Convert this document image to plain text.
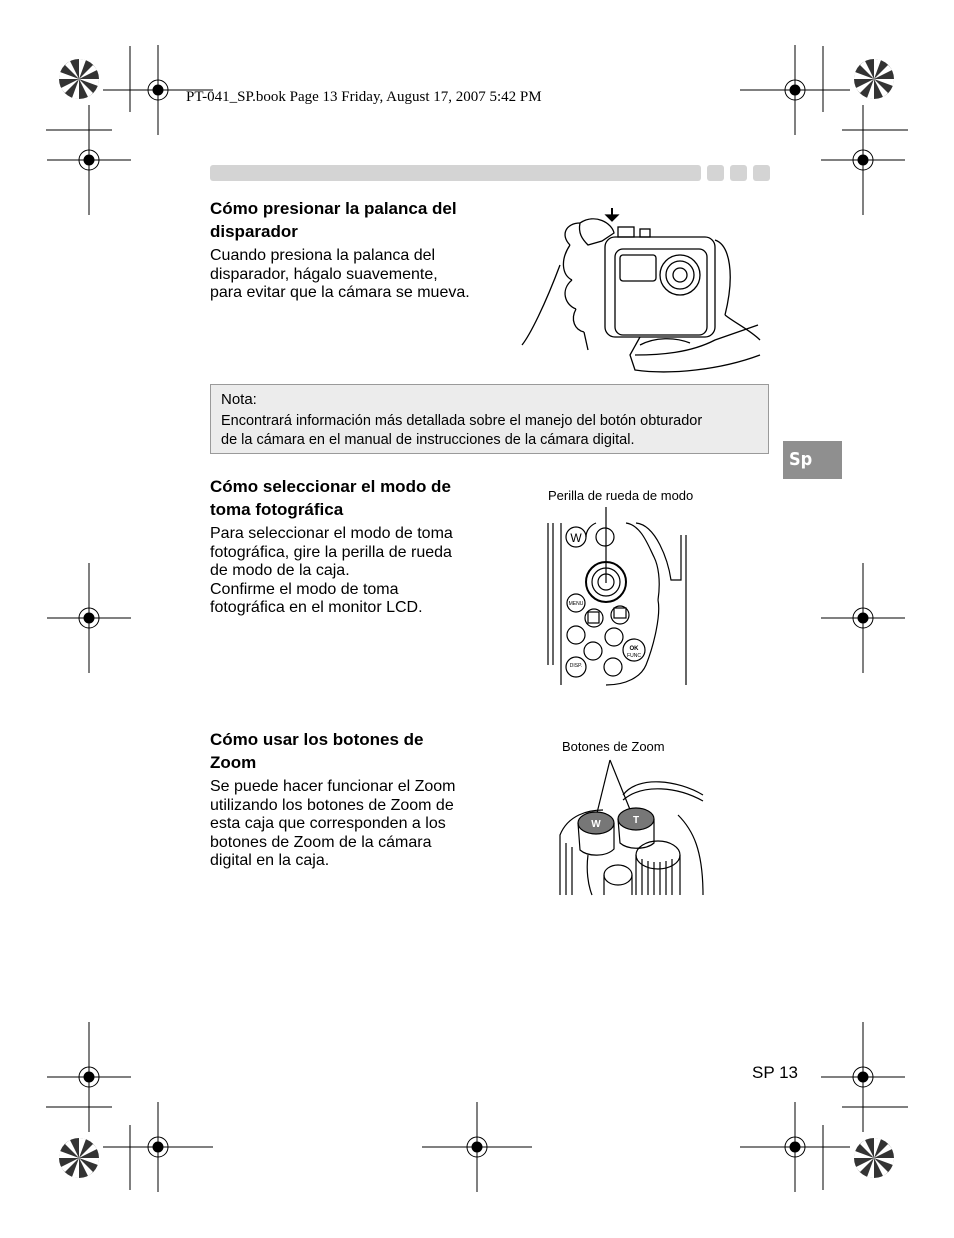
PT-041_SP.book Page 13 Friday, August 17, 2007 5:42 PM
Cómo presionar la palanca del
disparador

Cuando presiona la palanca del
disparador, hágalo suavemente,
para evitar que la cámara se mueva.

Nota:
Encontrará información más detallada sobre el manejo del botón obturador
de la cámara en el manual de instrucciones de la cámara digital.
Sp
Cómo seleccionar el modo de
toma fotográfica

Para seleccionar el modo de toma
fotográfica, gire la perilla de rueda
de modo de la caja.
Confirme el modo de toma
fotográfica en el monitor LCD.

Perilla de rueda de modo
W
MENU
OK
FUNC
DISP.
Cómo usar los botones de
Zoom

Se puede hacer funcionar el Zoom
utilizando los botones de Zoom de
esta caja que corresponden a los
botones de Zoom de la cámara
digital en la caja.

Botones de Zoom
W	T
SP 13
